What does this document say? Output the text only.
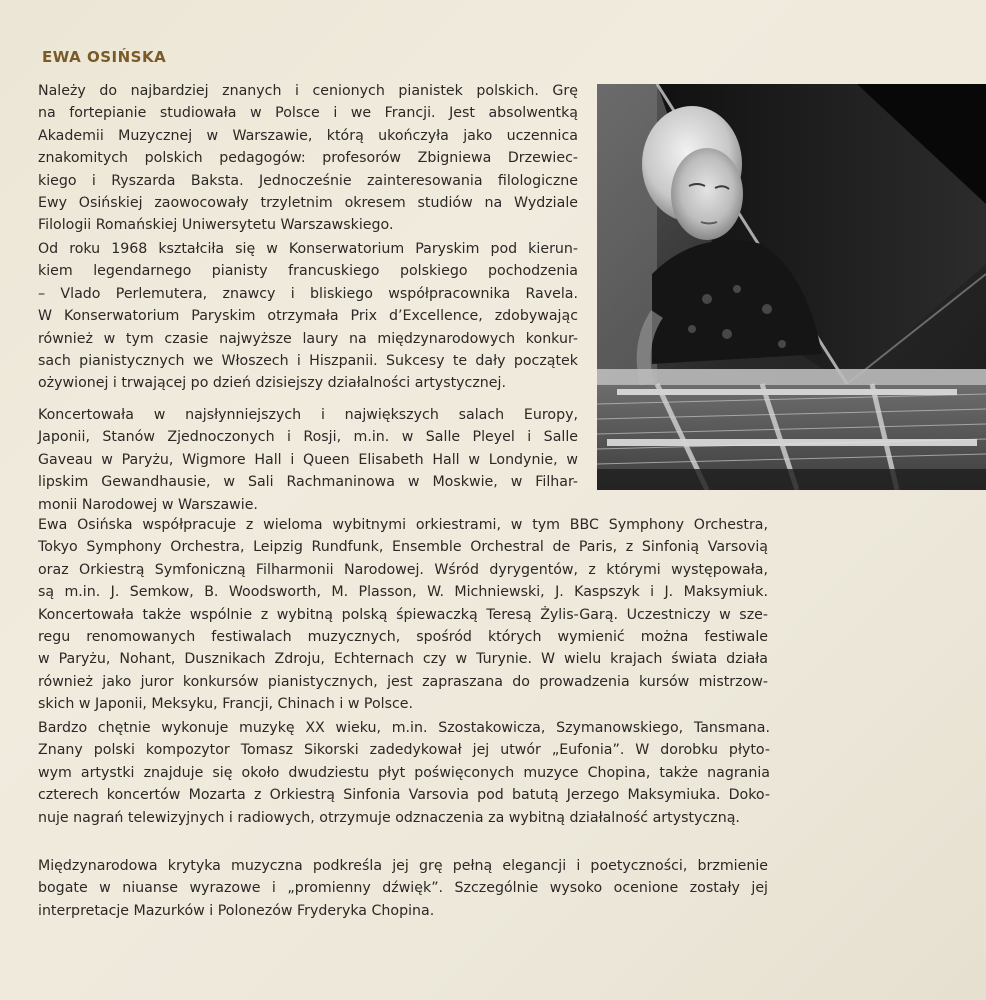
EWA OSIŃSKA
Należy do najbardziej znanych i cenionych pianistek polskich. Grę
na fortepianie studiowała w Polsce i we Francji. Jest absolwentką
Akademii Muzycznej w Warszawie, którą ukończyła jako uczennica
znakomitych polskich pedagogów: profesorów Zbigniewa Drzewiec-
kiego i Ryszarda Baksta. Jednocześnie zainteresowania filologiczne
Ewy Osińskiej zaowocowały trzyletnim okresem studiów na Wydziale
Filologii Romańskiej Uniwersytetu Warszawskiego.
Od roku 1968 kształciła się w Konserwatorium Paryskim pod kierun-
kiem legendarnego pianisty francuskiego polskiego pochodzenia
– Vlado Perlemutera, znawcy i bliskiego współpracownika Ravela.
W Konserwatorium Paryskim otrzymała Prix d’Excellence, zdobywając
również w tym czasie najwyższe laury na międzynarodowych konkur-
sach pianistycznych we Włoszech i Hiszpanii. Sukcesy te dały początek
ożywionej i trwającej po dzień dzisiejszy działalności artystycznej.
Koncertowała w najsłynniejszych i największych salach Europy,
Japonii, Stanów Zjednoczonych i Rosji, m.in. w Salle Pleyel i Salle
Gaveau w Paryżu, Wigmore Hall i Queen Elisabeth Hall w Londynie, w
lipskim Gewandhausie, w Sali Rachmaninowa w Moskwie, w Filhar-
monii Narodowej w Warszawie.
Ewa Osińska współpracuje z wieloma wybitnymi orkiestrami, w tym BBC Symphony Orchestra,
Tokyo Symphony Orchestra, Leipzig Rundfunk, Ensemble Orchestral de Paris, z Sinfonią Varsovią
oraz Orkiestrą Symfoniczną Filharmonii Narodowej. Wśród dyrygentów, z którymi występowała,
są m.in. J. Semkow, B. Woodsworth, M. Plasson, W. Michniewski, J. Kaspszyk i J. Maksymiuk.
Koncertowała także wspólnie z wybitną polską śpiewaczką Teresą Żylis-Garą. Uczestniczy w sze-
regu renomowanych festiwalach muzycznych, spośród których wymienić można festiwale
w Paryżu, Nohant, Dusznikach Zdroju, Echternach czy w Turynie. W wielu krajach świata działa
również jako juror konkursów pianistycznych, jest zapraszana do prowadzenia kursów mistrzow-
skich w Japonii, Meksyku, Francji, Chinach i w Polsce.
Bardzo chętnie wykonuje muzykę XX wieku, m.in. Szostakowicza, Szymanowskiego, Tansmana.
Znany polski kompozytor Tomasz Sikorski zadedykował jej utwór „Eufonia”. W dorobku płyto-
wym artystki znajduje się około dwudziestu płyt poświęconych muzyce Chopina, także nagrania
czterech koncertów Mozarta z Orkiestrą Sinfonia Varsovia pod batutą Jerzego Maksymiuka. Doko-
nuje nagrań telewizyjnych i radiowych, otrzymuje odznaczenia za wybitną działalność artystyczną.
Międzynarodowa krytyka muzyczna podkreśla jej grę pełną elegancji i poetyczności, brzmienie
bogate w niuanse wyrazowe i „promienny dźwięk”. Szczególnie wysoko ocenione zostały jej
interpretacje Mazurków i Polonezów Fryderyka Chopina.
